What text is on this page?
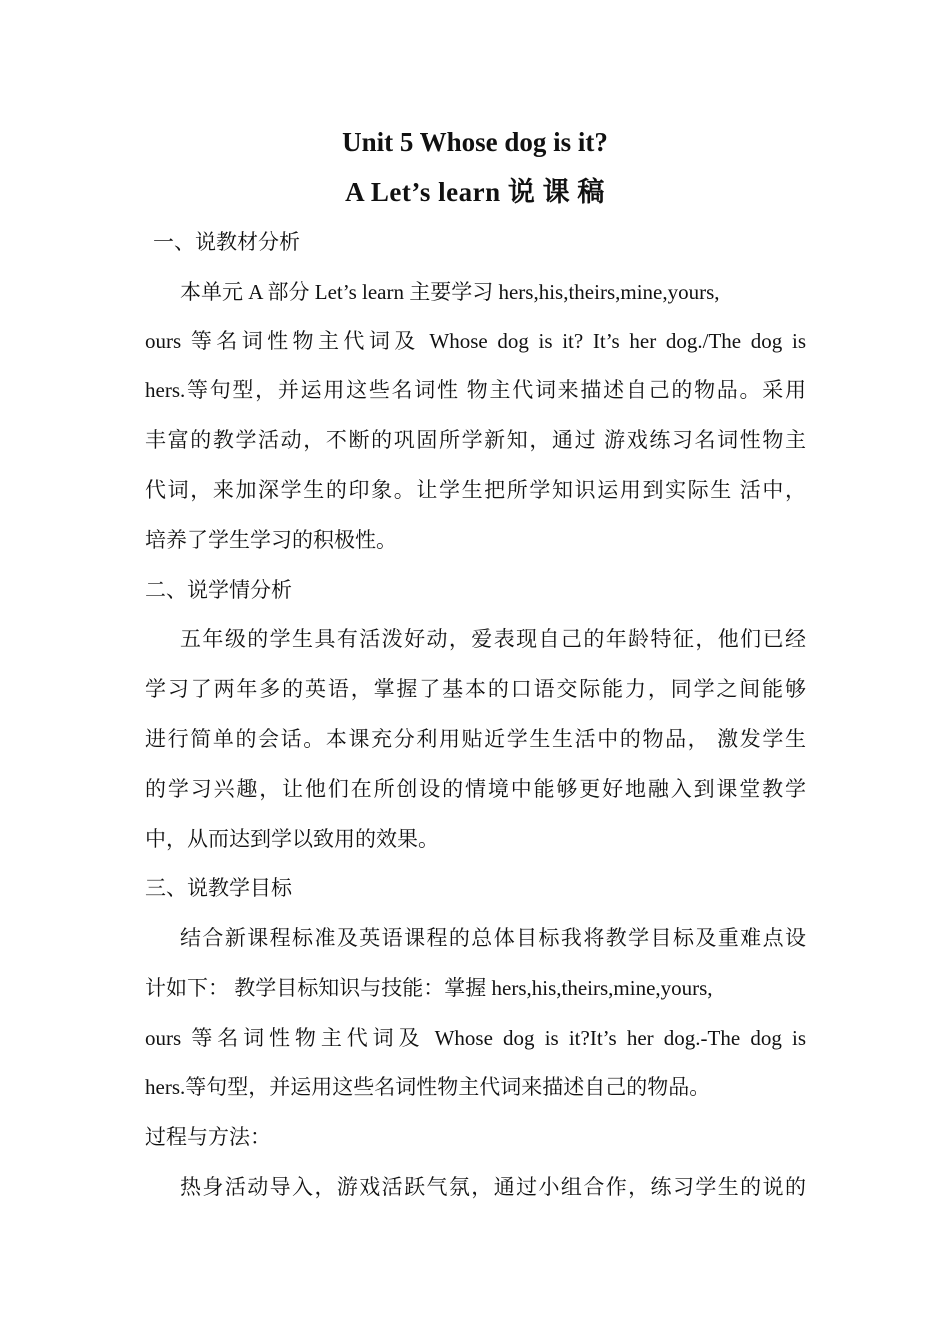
Unit 5 Whose dog is it?
A Let’s learn 说 课 稿
一、说教材分析
本单元 A 部分 Let’s learn 主要学习 hers,his,theirs,mine,yours,
ours 等名词性物主代词及 Whose dog is it? It’s her dog./The dog is
hers.等句型，并运用这些名词性 物主代词来描述自己的物品。采用
丰富的教学活动，不断的巩固所学新知，通过 游戏练习名词性物主
代词，来加深学生的印象。让学生把所学知识运用到实际生 活中，
培养了学生学习的积极性。
二、说学情分析
五年级的学生具有活泼好动，爱表现自己的年龄特征，他们已经
学习了两年多的英语，掌握了基本的口语交际能力，同学之间能够
进行简单的会话。本课充分利用贴近学生生活中的物品， 激发学生
的学习兴趣，让他们在所创设的情境中能够更好地融入到课堂教学
中，从而达到学以致用的效果。
三、说教学目标
结合新课程标准及英语课程的总体目标我将教学目标及重难点设
计如下： 教学目标知识与技能：掌握 hers,his,theirs,mine,yours,
ours 等名词性物主代词及 Whose dog is it?It’s her dog.-The dog is
hers.等句型，并运用这些名词性物主代词来描述自己的物品。
过程与方法：
热身活动导入，游戏活跃气氛，通过小组合作，练习学生的说的
